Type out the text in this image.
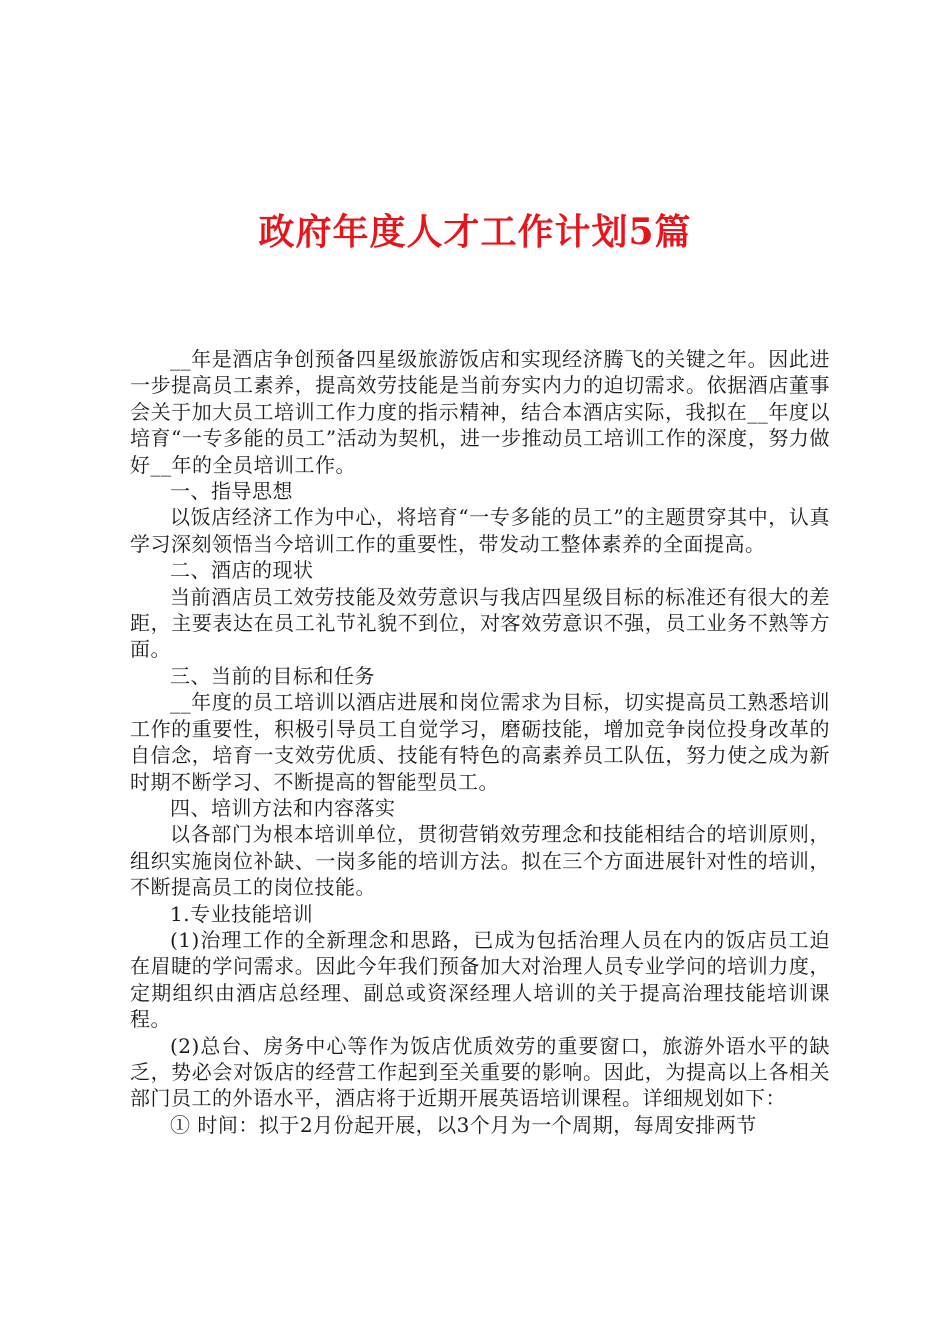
政府年度人才工作计划5篇

__年是酒店争创预备四星级旅游饭店和实现经济腾飞的关键之年。因此进一步提高员工素养，提高效劳技能是当前夯实内力的迫切需求。依据酒店董事会关于加大员工培训工作力度的指示精神，结合本酒店实际，我拟在__年度以培育“一专多能的员工”活动为契机，进一步推动员工培训工作的深度，努力做好__年的全员培训工作。

一、指导思想

以饭店经济工作为中心，将培育“一专多能的员工”的主题贯穿其中，认真学习深刻领悟当今培训工作的重要性，带发动工整体素养的全面提高。

二、酒店的现状

当前酒店员工效劳技能及效劳意识与我店四星级目标的标准还有很大的差距，主要表达在员工礼节礼貌不到位，对客效劳意识不强，员工业务不熟等方面。

三、当前的目标和任务

__年度的员工培训以酒店进展和岗位需求为目标，切实提高员工熟悉培训工作的重要性，积极引导员工自觉学习，磨砺技能，增加竞争岗位投身改革的自信念，培育一支效劳优质、技能有特色的高素养员工队伍，努力使之成为新时期不断学习、不断提高的智能型员工。

四、培训方法和内容落实

以各部门为根本培训单位，贯彻营销效劳理念和技能相结合的培训原则，组织实施岗位补缺、一岗多能的培训方法。拟在三个方面进展针对性的培训，不断提高员工的岗位技能。

1.专业技能培训

(1)治理工作的全新理念和思路，已成为包括治理人员在内的饭店员工迫在眉睫的学问需求。因此今年我们预备加大对治理人员专业学问的培训力度，定期组织由酒店总经理、副总或资深经理人培训的关于提高治理技能培训课程。

(2)总台、房务中心等作为饭店优质效劳的重要窗口，旅游外语水平的缺乏，势必会对饭店的经营工作起到至关重要的影响。因此，为提高以上各相关部门员工的外语水平，酒店将于近期开展英语培训课程。详细规划如下：

① 时间：拟于2月份起开展，以3个月为一个周期，每周安排两节
